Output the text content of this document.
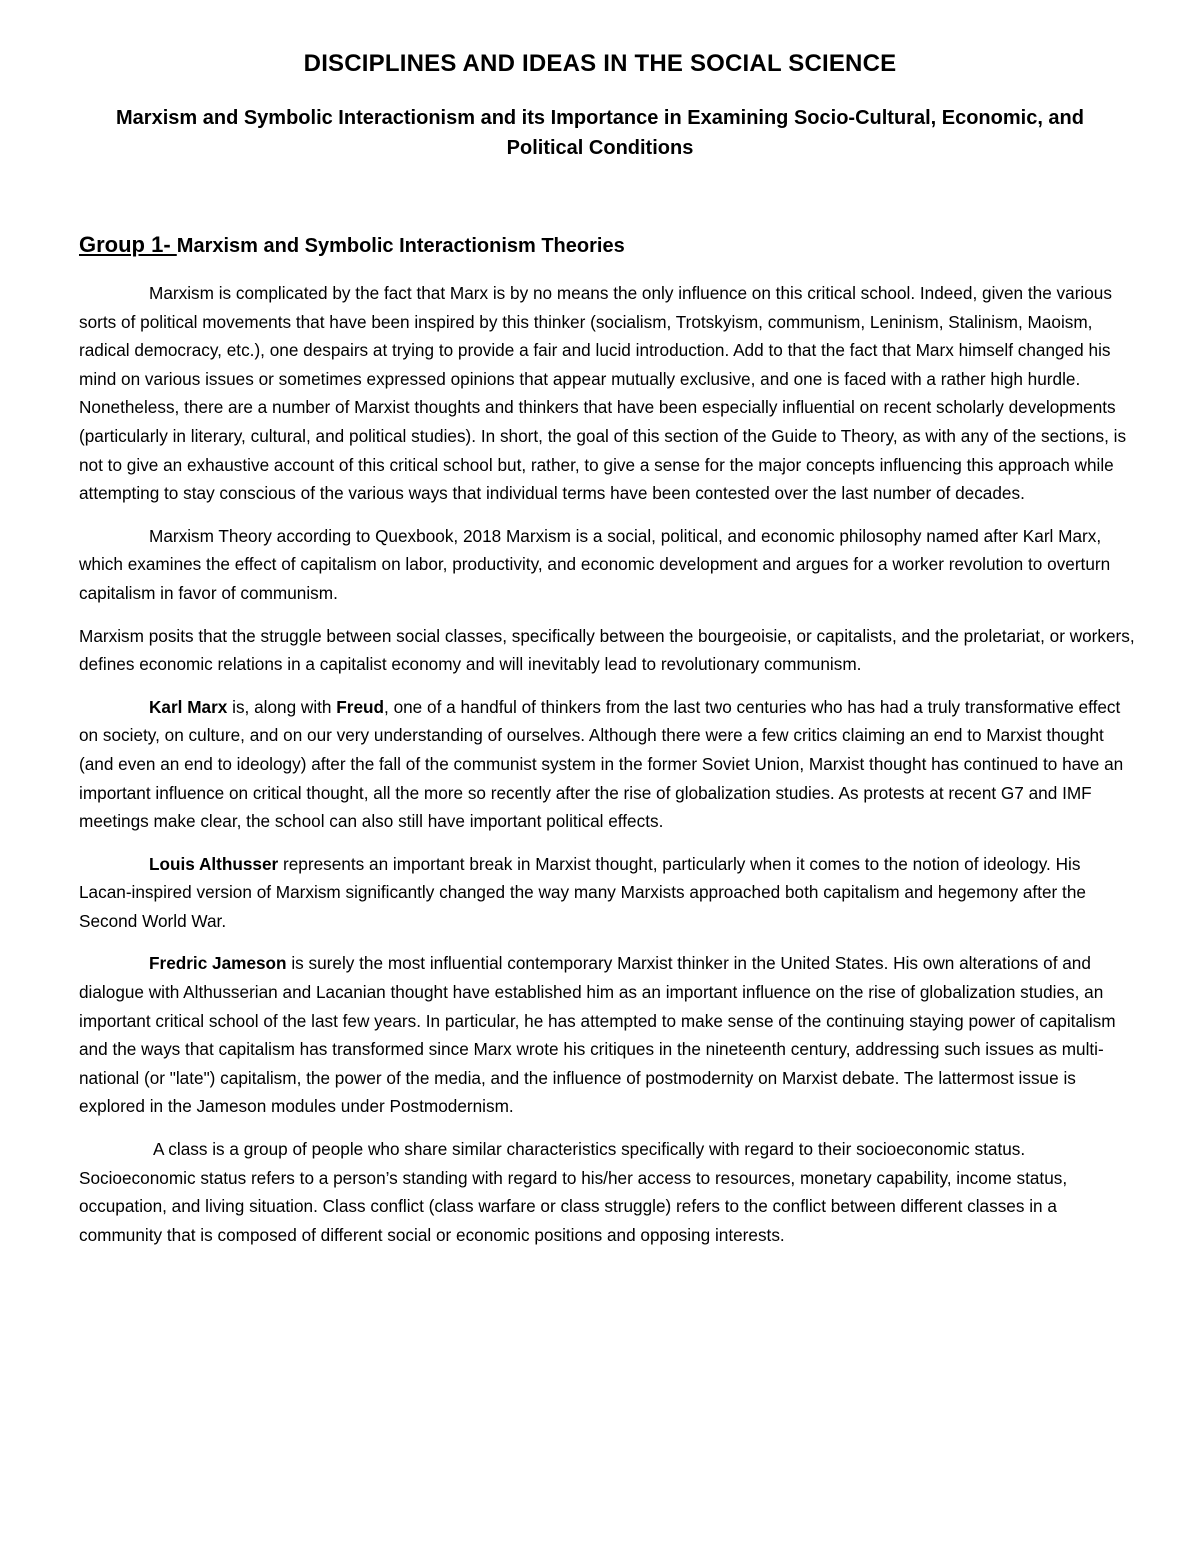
DISCIPLINES AND IDEAS IN THE SOCIAL SCIENCE
Marxism and Symbolic Interactionism and its Importance in Examining Socio-Cultural, Economic, and Political Conditions
Group 1- Marxism and Symbolic Interactionism Theories

Marxism is complicated by the fact that Marx is by no means the only influence on this critical school. Indeed, given the various sorts of political movements that have been inspired by this thinker (socialism, Trotskyism, communism, Leninism, Stalinism, Maoism, radical democracy, etc.), one despairs at trying to provide a fair and lucid introduction. Add to that the fact that Marx himself changed his mind on various issues or sometimes expressed opinions that appear mutually exclusive, and one is faced with a rather high hurdle. Nonetheless, there are a number of Marxist thoughts and thinkers that have been especially influential on recent scholarly developments (particularly in literary, cultural, and political studies). In short, the goal of this section of the Guide to Theory, as with any of the sections, is not to give an exhaustive account of this critical school but, rather, to give a sense for the major concepts influencing this approach while attempting to stay conscious of the various ways that individual terms have been contested over the last number of decades.

Marxism Theory according to Quexbook, 2018 Marxism is a social, political, and economic philosophy named after Karl Marx, which examines the effect of capitalism on labor, productivity, and economic development and argues for a worker revolution to overturn capitalism in favor of communism.

Marxism posits that the struggle between social classes, specifically between the bourgeoisie, or capitalists, and the proletariat, or workers, defines economic relations in a capitalist economy and will inevitably lead to revolutionary communism.

Karl Marx is, along with Freud, one of a handful of thinkers from the last two centuries who has had a truly transformative effect on society, on culture, and on our very understanding of ourselves. Although there were a few critics claiming an end to Marxist thought (and even an end to ideology) after the fall of the communist system in the former Soviet Union, Marxist thought has continued to have an important influence on critical thought, all the more so recently after the rise of globalization studies. As protests at recent G7 and IMF meetings make clear, the school can also still have important political effects.

Louis Althusser represents an important break in Marxist thought, particularly when it comes to the notion of ideology. His Lacan-inspired version of Marxism significantly changed the way many Marxists approached both capitalism and hegemony after the Second World War.

Fredric Jameson is surely the most influential contemporary Marxist thinker in the United States. His own alterations of and dialogue with Althusserian and Lacanian thought have established him as an important influence on the rise of globalization studies, an important critical school of the last few years. In particular, he has attempted to make sense of the continuing staying power of capitalism and the ways that capitalism has transformed since Marx wrote his critiques in the nineteenth century, addressing such issues as multi-national (or "late") capitalism, the power of the media, and the influence of postmodernity on Marxist debate. The lattermost issue is explored in the Jameson modules under Postmodernism.

A class is a group of people who share similar characteristics specifically with regard to their socioeconomic status. Socioeconomic status refers to a person’s standing with regard to his/her access to resources, monetary capability, income status, occupation, and living situation. Class conflict (class warfare or class struggle) refers to the conflict between different classes in a community that is composed of different social or economic positions and opposing interests.
